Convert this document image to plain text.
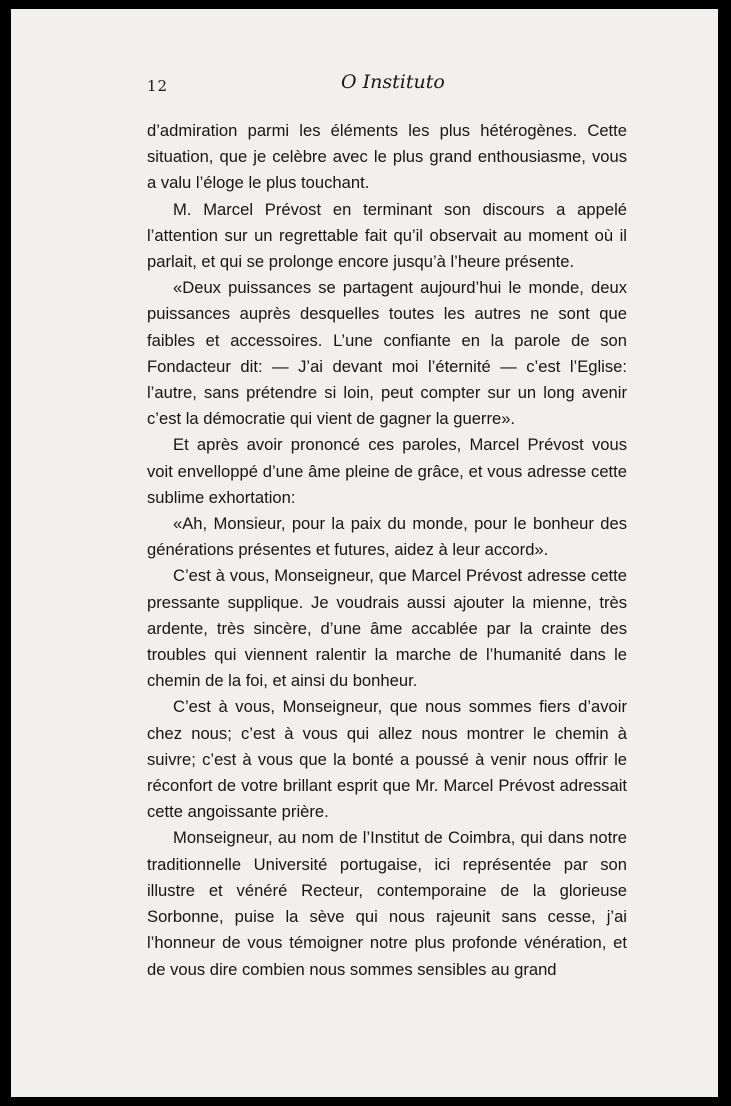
12	O Instituto

d’admiration parmi les éléments les plus hétérogènes. Cette situation, que je celèbre avec le plus grand enthousiasme, vous a valu l’éloge le plus touchant.

M. Marcel Prévost en terminant son discours a appelé l’attention sur un regrettable fait qu’il observait au moment où il parlait, et qui se prolonge encore jusqu’à l’heure présente.

«Deux puissances se partagent aujourd’hui le monde, deux puissances auprès desquelles toutes les autres ne sont que faibles et accessoires. L’une confiante en la parole de son Fondacteur dit: — J’ai devant moi l’éternité — c’est l’Eglise: l’autre, sans prétendre si loin, peut compter sur un long avenir c’est la démocratie qui vient de gagner la guerre».

Et après avoir prononcé ces paroles, Marcel Prévost vous voit envelloppé d’une âme pleine de grâce, et vous adresse cette sublime exhortation:

«Ah, Monsieur, pour la paix du monde, pour le bonheur des générations présentes et futures, aidez à leur accord».

C’est à vous, Monseigneur, que Marcel Prévost adresse cette pressante supplique. Je voudrais aussi ajouter la mienne, très ardente, très sincère, d’une âme accablée par la crainte des troubles qui viennent ralentir la marche de l’humanité dans le chemin de la foi, et ainsi du bonheur.

C’est à vous, Monseigneur, que nous sommes fiers d’avoir chez nous; c’est à vous qui allez nous montrer le chemin à suivre; c’est à vous que la bonté a poussé à venir nous offrir le réconfort de votre brillant esprit que Mr. Marcel Prévost adressait cette angoissante prière.

Monseigneur, au nom de l’Institut de Coimbra, qui dans notre traditionnelle Université portugaise, ici représentée par son illustre et vénéré Recteur, contemporaine de la glorieuse Sorbonne, puise la sève qui nous rajeunit sans cesse, j’ai l’honneur de vous témoigner notre plus profonde vénération, et de vous dire combien nous sommes sensibles au grand
